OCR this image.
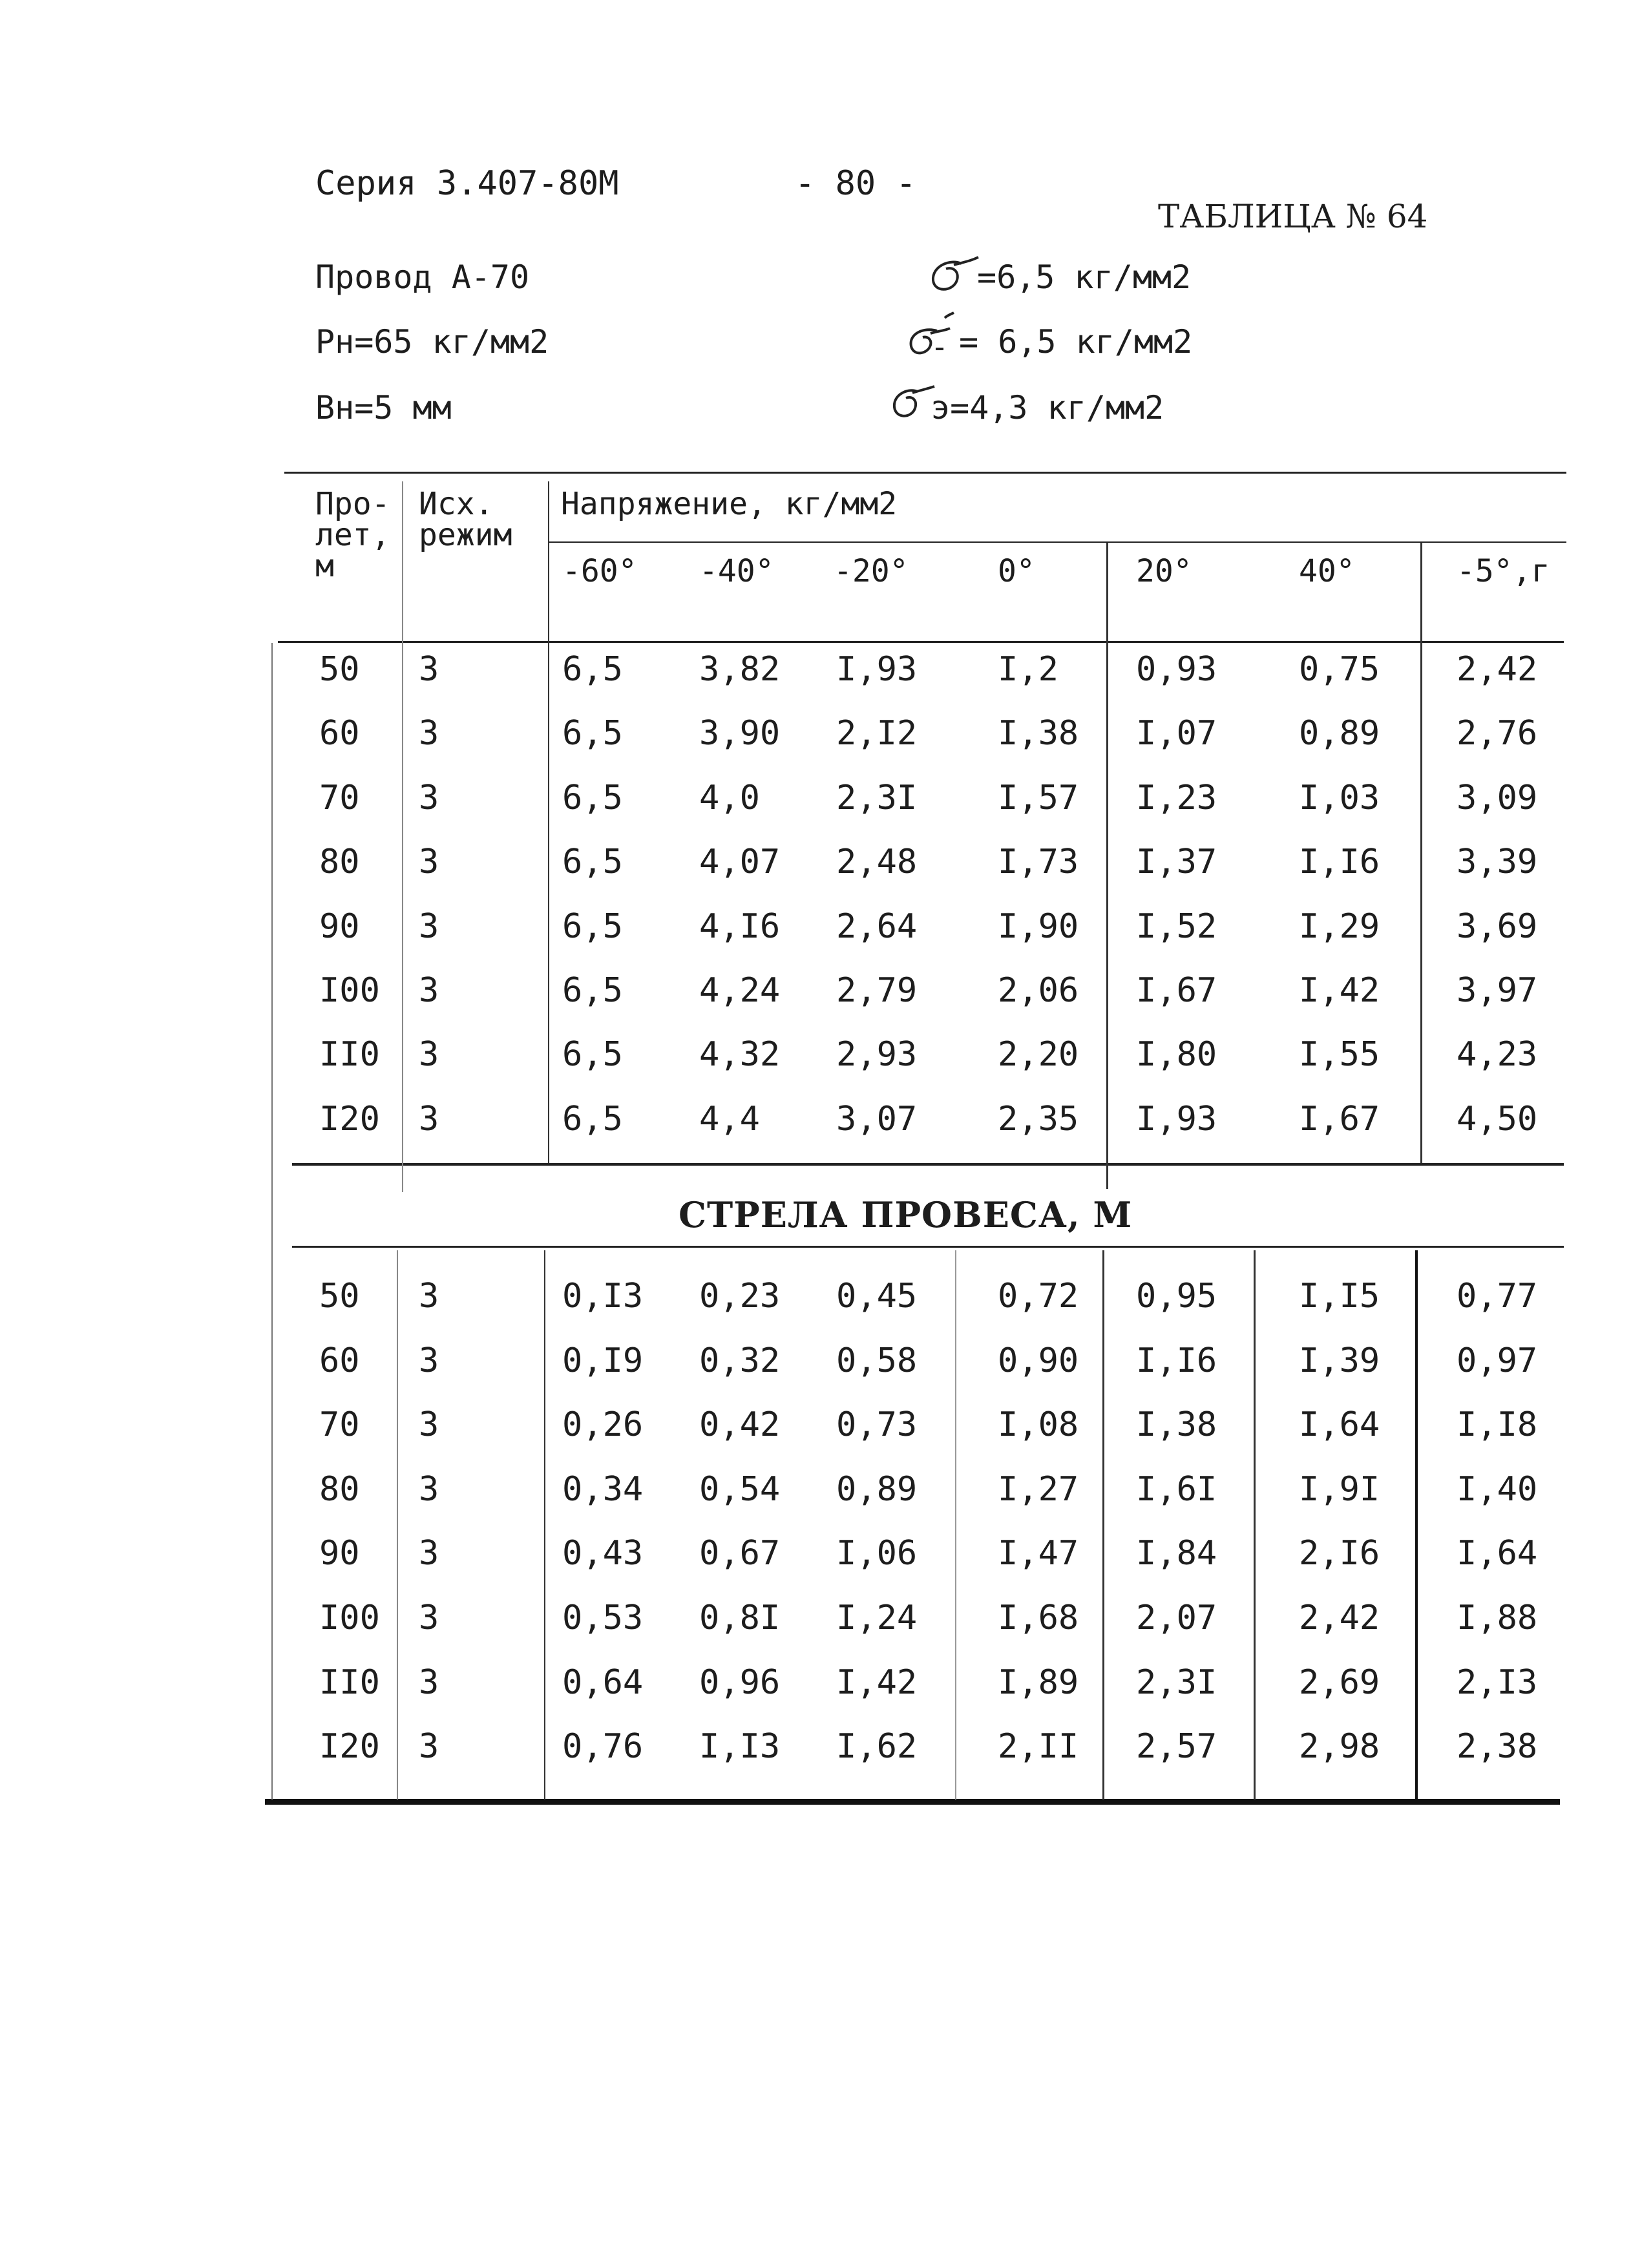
Серия 3.407-80М	- 80 -
ТАБЛИЦА № 64
Провод А-70
Рн=65 кг/мм2
Вн=5 мм
=6,5 кг/мм2
= 6,5 кг/мм2
э=4,3 кг/мм2
Про- лет, м
Исх. режим
Напряжение, кг/мм2
-60° -40° -20°	0°	20°	40°	-5°,г
СТРЕЛА ПРОВЕСА, М
50 3	6,5 3,82 I,93 I,2 0,93 0,75 2,42
60 3	6,5 3,90 2,I2 I,38 I,07 0,89 2,76
70 3	6,5 4,0 2,3I I,57 I,23 I,03 3,09
80 3	6,5 4,07 2,48 I,73 I,37 I,I6 3,39
90 3	6,5 4,I6 2,64 I,90 I,52 I,29 3,69
I00 3	6,5 4,24 2,79 2,06 I,67 I,42 3,97
II0 3	6,5 4,32 2,93 2,20 I,80 I,55 4,23
I20 3	6,5 4,4 3,07 2,35 I,93 I,67 4,50
50 3	0,I3 0,23 0,45 0,72 0,95 I,I5 0,77
60 3	0,I9 0,32 0,58 0,90 I,I6 I,39 0,97
70 3	0,26 0,42 0,73 I,08 I,38 I,64 I,I8
80 3	0,34 0,54 0,89 I,27 I,6I I,9I I,40
90 3	0,43 0,67 I,06 I,47 I,84 2,I6 I,64
I00 3	0,53 0,8I I,24 I,68 2,07 2,42 I,88
II0 3	0,64 0,96 I,42 I,89 2,3I 2,69 2,I3
I20 3	0,76 I,I3 I,62 2,II 2,57 2,98 2,38
